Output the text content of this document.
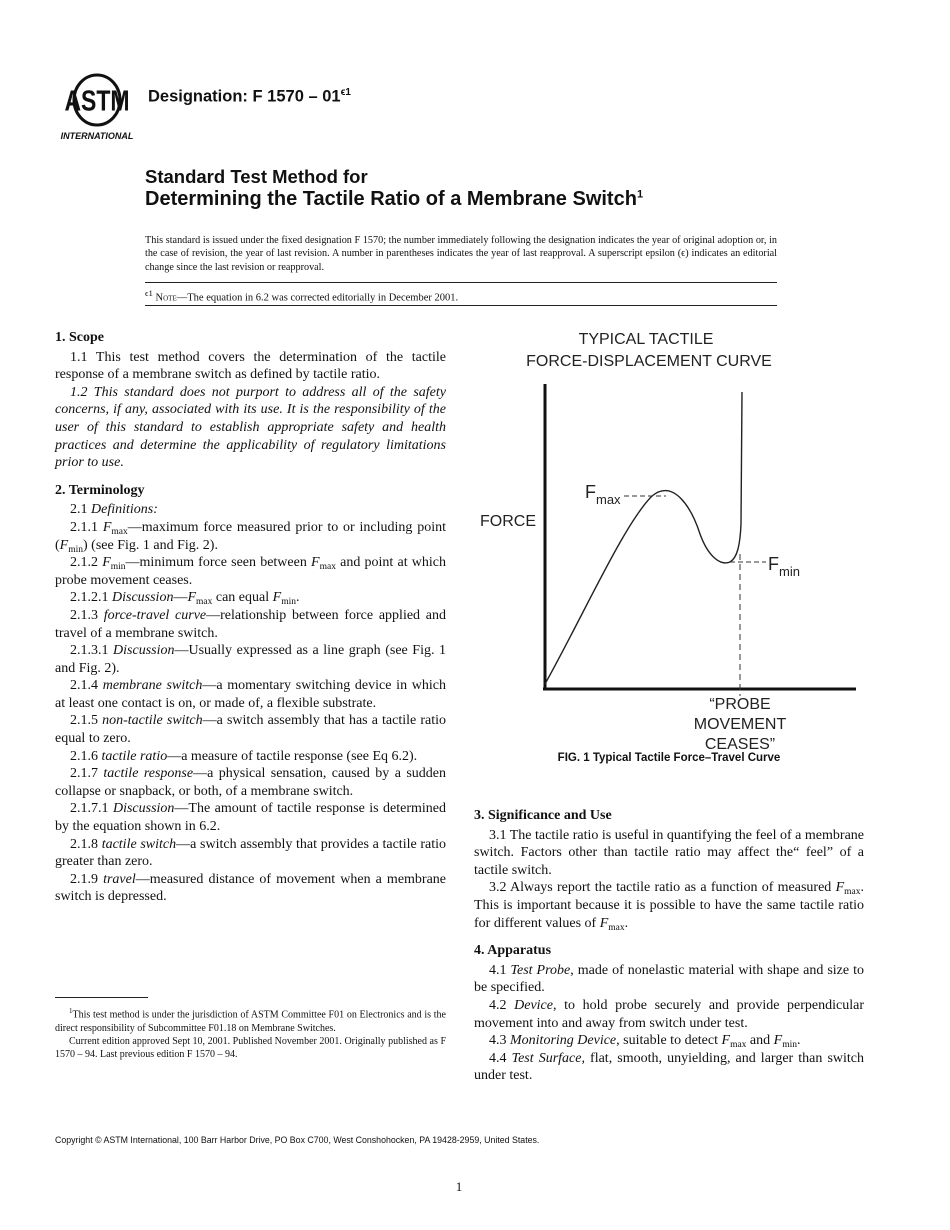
ASTM
INTERNATIONAL
Designation: F $1570 - 01^{\epsilon 1}$
Standard Test Method for
Determining the Tactile Ratio of a Membrane Switch$^1$
This standard is issued under the fixed designation F 1570; the number immediately following the designation indicates the year of original adoption or, in the case of revision, the year of last revision. A number in parentheses indicates the year of last reapproval. A superscript epsilon (ϵ) indicates an editorial change since the last revision or reapproval.
$^{\epsilon 1}$ Note—The equation in 6.2 was corrected editorially in December 2001.
1. Scope

1.1 This test method covers the determination of the tactile response of a membrane switch as defined by tactile ratio.

1.2 This standard does not purport to address all of the safety concerns, if any, associated with its use. It is the responsibility of the user of this standard to establish appropriate safety and health practices and determine the applicability of regulatory limitations prior to use.

2. Terminology

2.1 Definitions:

2.1.1 $F_{max}—maximum$ force measured prior to or including point $(F_{min})$ (see Fig. 1 and Fig. 2).

2.1.2 $F_{min}—minimum$ force seen between $F_{max}$ and point at which probe movement ceases.

2.1.2.1 $Discussion—F_{max}$ can equal $F_{min}$.

2.1.3 force-travel curve—relationship between force applied and travel of a membrane switch.

2.1.3.1 Discussion—Usually expressed as a line graph (see Fig. 1 and Fig. 2).

2.1.4 membrane switch—a momentary switching device in which at least one contact is on, or made of, a flexible substrate.

2.1.5 non-tactile switch—a switch assembly that has a tactile ratio equal to zero.

2.1.6 tactile ratio—a measure of tactile response (see Eq 6.2).

2.1.7 tactile response—a physical sensation, caused by a sudden collapse or snapback, or both, of a membrane switch.

2.1.7.1 Discussion—The amount of tactile response is determined by the equation shown in 6.2.

2.1.8 tactile switch—a switch assembly that provides a tactile ratio greater than zero.

2.1.9 travel—measured distance of movement when a membrane switch is depressed.

$^1$This test method is under the jurisdiction of ASTM Committee F01 on Electronics and is the direct responsibility of Subcommittee F01.18 on Membrane Switches.

Current edition approved Sept 10, 2001. Published November 2001. Originally published as F 1570 – 94. Last previous edition F 1570 – 94.

TYPICAL TACTILE
FORCE-DISPLACEMENT CURVE
FORCE
$F_{max}$
$F_{min}$
“PROBE
MOVEMENT
CEASES”
FIG. 1 Typical Tactile Force–Travel Curve
3. Significance and Use

3.1 The tactile ratio is useful in quantifying the feel of a membrane switch. Factors other than tactile ratio may affect the“ feel” of a tactile switch.

3.2 Always report the tactile ratio as a function of measured $F_{max}$. This is important because it is possible to have the same tactile ratio for different values of $F_{max}$.

4. Apparatus

4.1 Test Probe, made of nonelastic material with shape and size to be specified.

4.2 Device, to hold probe securely and provide perpendicular movement into and away from switch under test.

4.3 Monitoring Device, suitable to detect $F_{max}$ and $F_{min}$.

4.4 Test Surface, flat, smooth, unyielding, and larger than switch under test.

Copyright © ASTM International, 100 Barr Harbor Drive, PO Box C700, West Conshohocken, PA 19428-2959, United States.
1
